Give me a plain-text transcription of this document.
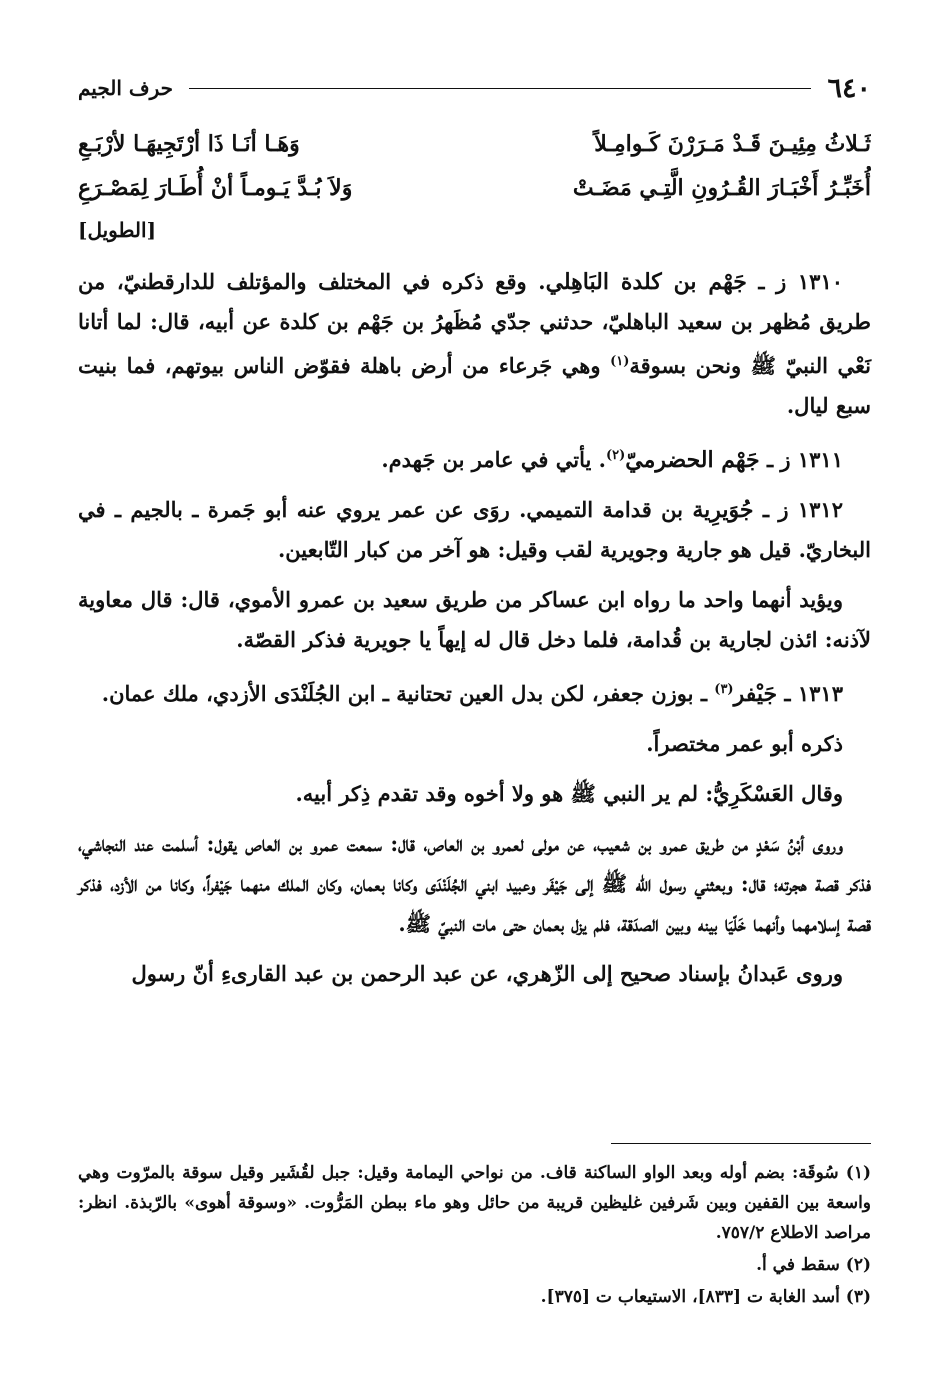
٦٤٠
حرف الجيم
ثَـلاثُ مِئِيـنَ قَـدْ مَـرَرْنَ كَـوامِـلاً
وَهَـا أنَـا ذَا أرْتَجِيهَـا لأرْبَـعِ
أُخَبِّـرُ أَخْبَـارَ القُـرُونِ الَّتِـي مَضَـتْ
وَلاَ بُـدَّ يَـومـاً أنْ أُطَـارَ لِمَصْـرَعِ
[الطويل]

١٣١٠ ز ـ جَهْم بن كلدة البَاهِلي. وقع ذكره في المختلف والمؤتلف للدارقطنيّ، من طريق مُظهر بن سعيد الباهليّ، حدثني جدّي مُظَهرُ بن جَهْم بن كلدة عن أبيه، قال: لما أتانا نَعْي النبيّ ﷺ ونحن بسوقة$^{(١)}$ وهي جَرعاء من أرض باهلة فقوّض الناس بيوتهم، فما بنيت سبع ليال.

١٣١١ ز ـ جَهْم الحضرميّ$^{(٢)}$. يأتي في عامر بن جَهدم.

١٣١٢ ز ـ جُوَيرِية بن قدامة التميمي. روَى عن عمر يروي عنه أبو جَمرة ـ بالجيم ـ في البخاريّ. قيل هو جارية وجويرية لقب وقيل: هو آخر من كبار التّابعين.

ويؤيد أنهما واحد ما رواه ابن عساكر من طريق سعيد بن عمرو الأموي، قال: قال معاوية لآذنه: ائذن لجارية بن قُدامة، فلما دخل قال له إيهاً يا جويرية فذكر القصّة.

١٣١٣ ـ جَيْفر$^{(٣)}$ ـ بوزن جعفر، لكن بدل العين تحتانية ـ ابن الجُلَنْدَى الأزدي، ملك عمان.

ذكره أبو عمر مختصراً.

وقال العَسْكَرِيُّ: لم ير النبي ﷺ هو ولا أخوه وقد تقدم ذِكر أبيه.

وروى أبْنُ سَعْدٍ من طريق عمرو بن شعيب، عن مولى لعمرو بن العاص، قال: سمعت عمرو بن العاص يقول: أسلمت عند النجاشي، فذكر قصة هجرته؛ قال: وبعثني رسول الله ﷺ إلى جَيْفَر وعبيد ابني الجُلَنْدَى وكانا بعمان، وكان الملك منهما جَيْفراً، وكانا من الأزد، فذكر قصة إسلامهما وأنهما خَلّيَا بينه وبين الصدَقة، فلم يزل بعمان حتى مات النبيّ ﷺ.

وروى عَبدانُ بإسناد صحيح إلى الزّهري، عن عبد الرحمن بن عبد القارىءِ أنّ رسول

(١) سُوقَة: بضم أوله وبعد الواو الساكنة قاف. من نواحي اليمامة وقيل: جبل لقُشَير وقيل سوقة بالمرّوت وهي واسعة بين القفين وبين شَرفين غليظين قريبة من حائل وهو ماء ببطن المَرُّوت. «وسوقة أهوى» بالرّبذة. انظر: مراصد الاطلاع ٧٥٧/٢.

(٢) سقط في أ.

(٣) أسد الغابة ت [٨٣٣]، الاستيعاب ت [٣٧٥].
